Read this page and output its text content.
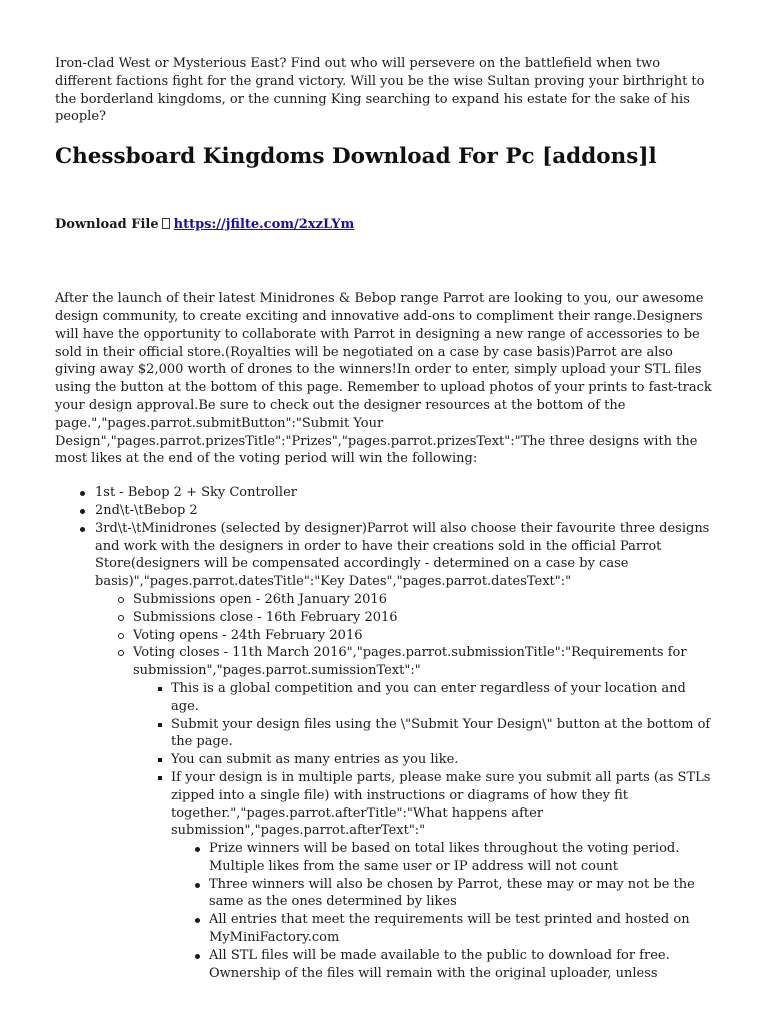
Iron-clad West or Mysterious East? Find out who will persevere on the battlefield when two different factions fight for the grand victory. Will you be the wise Sultan proving your birthright to the borderland kingdoms, or the cunning King searching to expand his estate for the sake of his people?

Chessboard Kingdoms Download For Pc [addons]l
Download File https://jfilte.com/2xzLYm

After the launch of their latest Minidrones & Bebop range Parrot are looking to you, our awesome design community, to create exciting and innovative add-ons to compliment their range.Designers will have the opportunity to collaborate with Parrot in designing a new range of accessories to be sold in their official store.(Royalties will be negotiated on a case by case basis)Parrot are also giving away $2,000 worth of drones to the winners!In order to enter, simply upload your STL files using the button at the bottom of this page. Remember to upload photos of your prints to fast-track your design approval.Be sure to check out the designer resources at the bottom of the page.","pages.parrot.submitButton":"Submit Your Design","pages.parrot.prizesTitle":"Prizes","pages.parrot.prizesText":"The three designs with the most likes at the end of the voting period will win the following:

1st - Bebop 2 + Sky Controller
2nd\t-\tBebop 2
3rd\t-\tMinidrones (selected by designer)Parrot will also choose their favourite three designs and work with the designers in order to have their creations sold in the official Parrot Store(designers will be compensated accordingly - determined on a case by case basis)","pages.parrot.datesTitle":"Key Dates","pages.parrot.datesText":"
Submissions open - 26th January 2016
Submissions close - 16th February 2016
Voting opens - 24th February 2016
Voting closes - 11th March 2016","pages.parrot.submissionTitle":"Requirements for submission","pages.parrot.sumissionText":"
This is a global competition and you can enter regardless of your location and age.
Submit your design files using the \"Submit Your Design\" button at the bottom of the page.
You can submit as many entries as you like.
If your design is in multiple parts, please make sure you submit all parts (as STLs zipped into a single file) with instructions or diagrams of how they fit together.","pages.parrot.afterTitle":"What happens after submission","pages.parrot.afterText":"
Prize winners will be based on total likes throughout the voting period. Multiple likes from the same user or IP address will not count
Three winners will also be chosen by Parrot, these may or may not be the same as the ones determined by likes
All entries that meet the requirements will be test printed and hosted on MyMiniFactory.com
All STL files will be made available to the public to download for free. Ownership of the files will remain with the original uploader, unless
